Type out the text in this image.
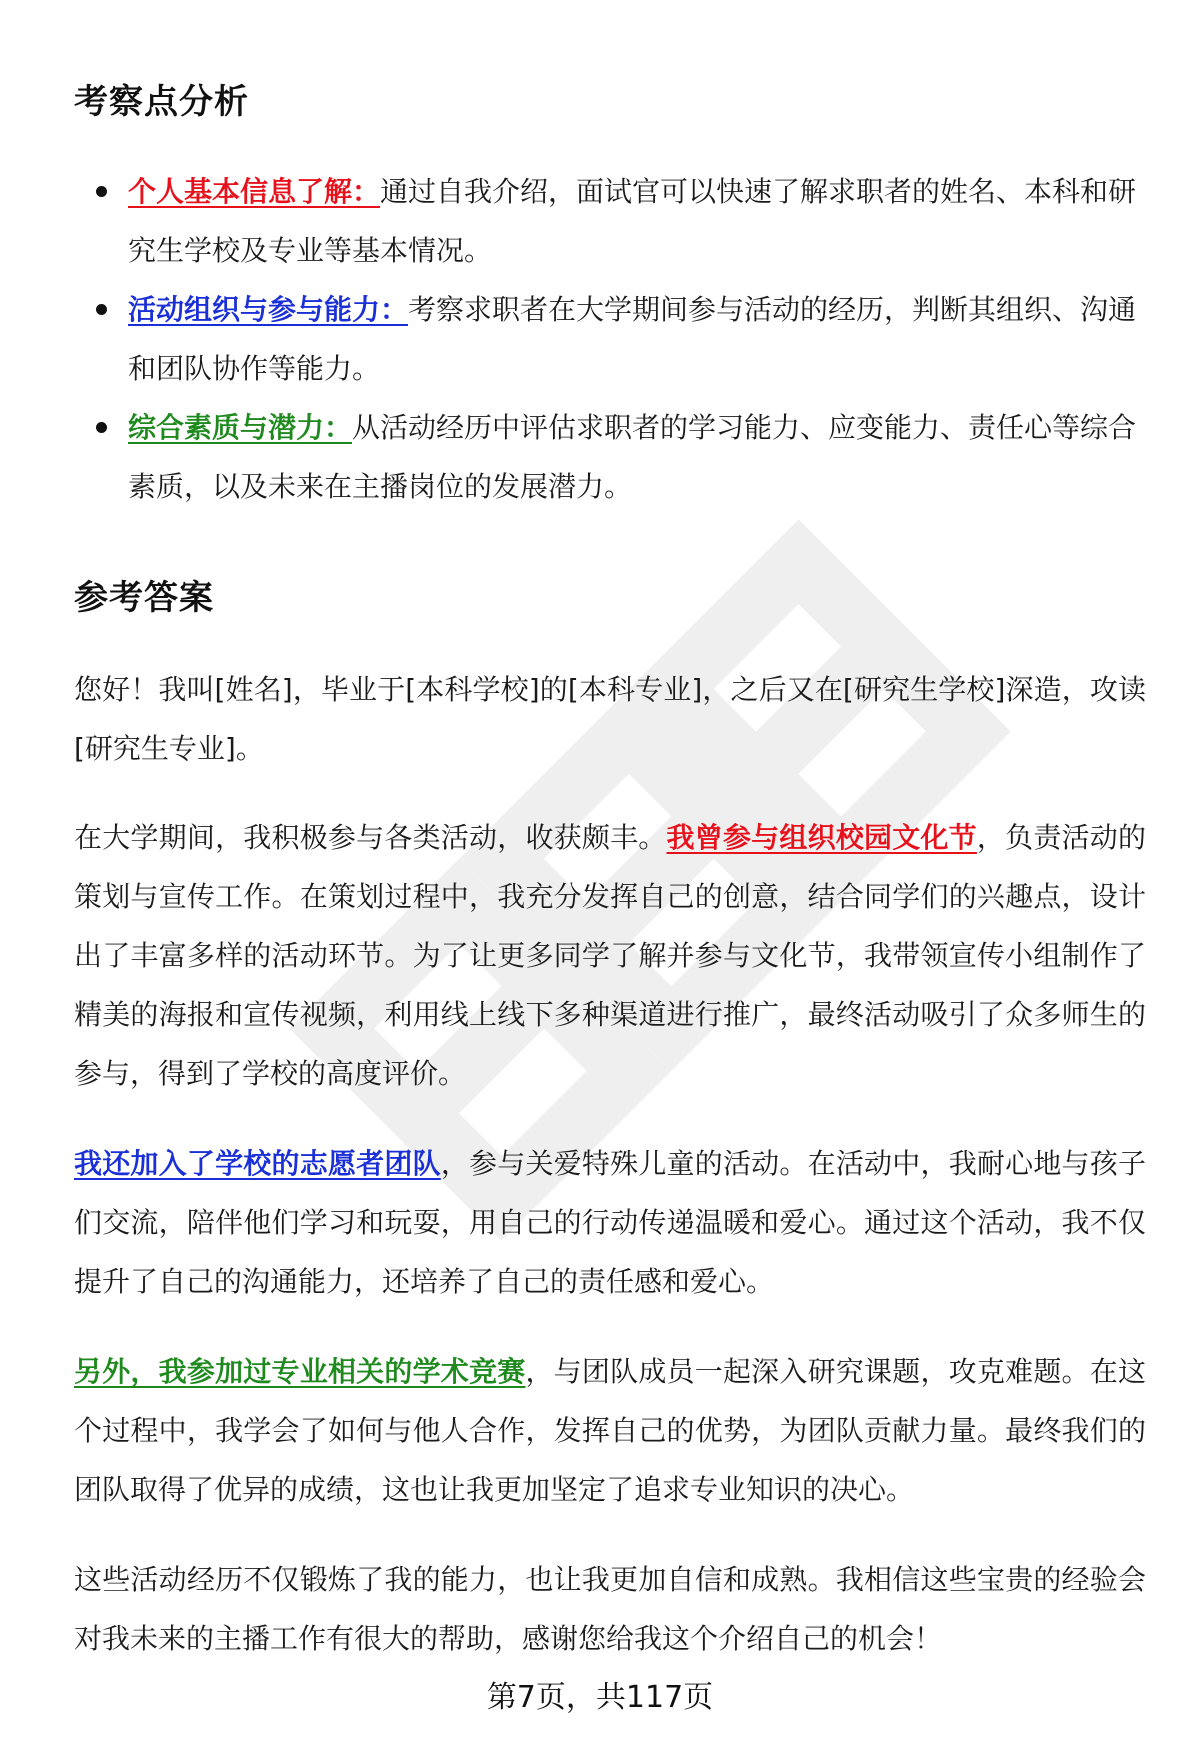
考察点分析
个人基本信息了解：通过自我介绍，面试官可以快速了解求职者的姓名、本科和研究生学校及专业等基本情况。
活动组织与参与能力：考察求职者在大学期间参与活动的经历，判断其组织、沟通和团队协作等能力。
综合素质与潜力：从活动经历中评估求职者的学习能力、应变能力、责任心等综合素质，以及未来在主播岗位的发展潜力。
参考答案

您好！我叫[姓名]，毕业于[本科学校]的[本科专业]，之后又在[研究生学校]深造，攻读[研究生专业]。

在大学期间，我积极参与各类活动，收获颇丰。我曾参与组织校园文化节，负责活动的策划与宣传工作。在策划过程中，我充分发挥自己的创意，结合同学们的兴趣点，设计出了丰富多样的活动环节。为了让更多同学了解并参与文化节，我带领宣传小组制作了精美的海报和宣传视频，利用线上线下多种渠道进行推广，最终活动吸引了众多师生的参与，得到了学校的高度评价。

我还加入了学校的志愿者团队，参与关爱特殊儿童的活动。在活动中，我耐心地与孩子们交流，陪伴他们学习和玩耍，用自己的行动传递温暖和爱心。通过这个活动，我不仅提升了自己的沟通能力，还培养了自己的责任感和爱心。

另外，我参加过专业相关的学术竞赛，与团队成员一起深入研究课题，攻克难题。在这个过程中，我学会了如何与他人合作，发挥自己的优势，为团队贡献力量。最终我们的团队取得了优异的成绩，这也让我更加坚定了追求专业知识的决心。

这些活动经历不仅锻炼了我的能力，也让我更加自信和成熟。我相信这些宝贵的经验会对我未来的主播工作有很大的帮助，感谢您给我这个介绍自己的机会！

第7页，共117页
